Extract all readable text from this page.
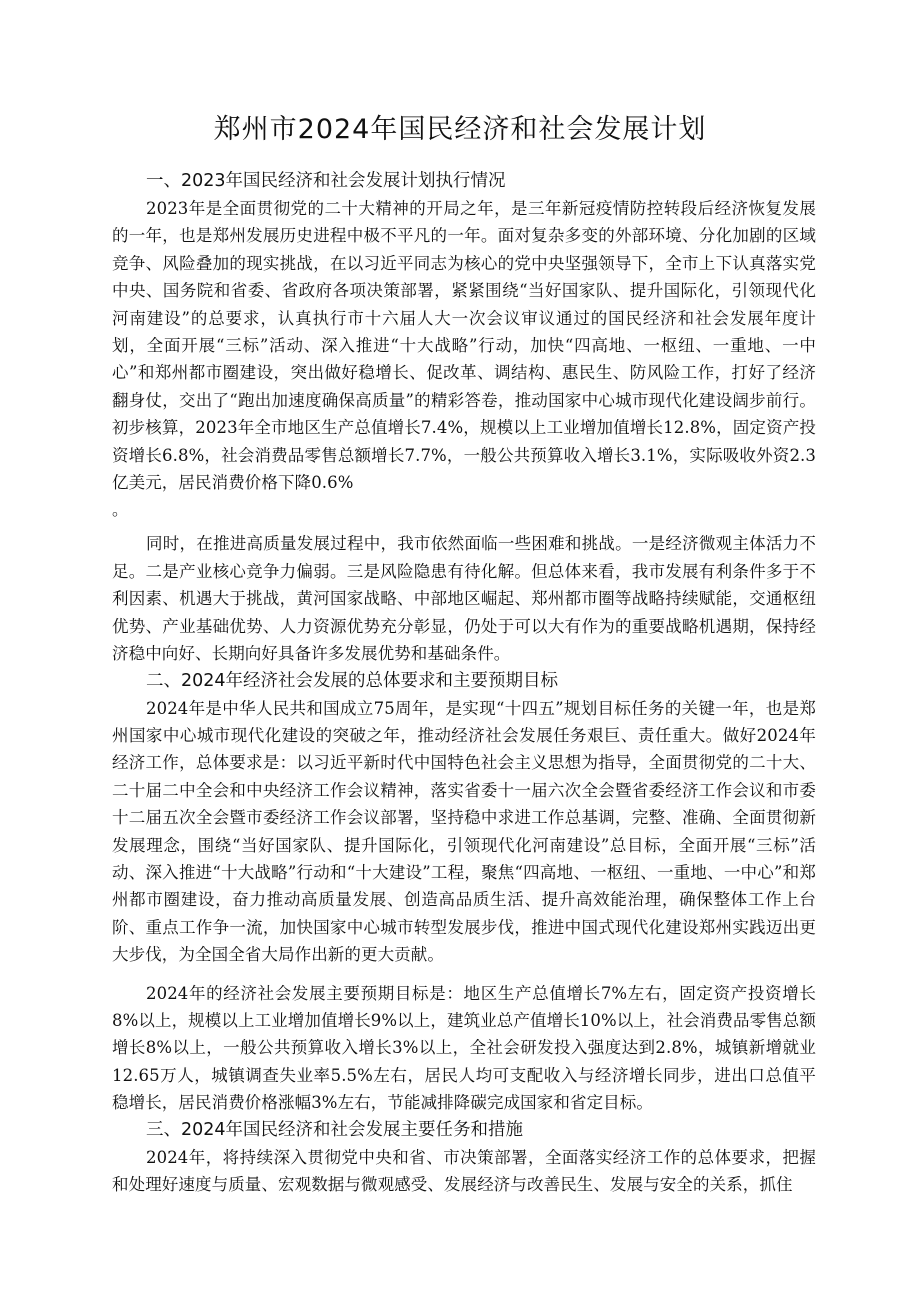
郑州市2024年国民经济和社会发展计划
一、2023年国民经济和社会发展计划执行情况

2023年是全面贯彻党的二十大精神的开局之年，是三年新冠疫情防控转段后经济恢复发展的一年，也是郑州发展历史进程中极不平凡的一年。面对复杂多变的外部环境、分化加剧的区域竞争、风险叠加的现实挑战，在以习近平同志为核心的党中央坚强领导下，全市上下认真落实党中央、国务院和省委、省政府各项决策部署，紧紧围绕“当好国家队、提升国际化，引领现代化河南建设”的总要求，认真执行市十六届人大一次会议审议通过的国民经济和社会发展年度计划，全面开展“三标”活动、深入推进“十大战略”行动，加快“四高地、一枢纽、一重地、一中心”和郑州都市圈建设，突出做好稳增长、促改革、调结构、惠民生、防风险工作，打好了经济翻身仗，交出了“跑出加速度确保高质量”的精彩答卷，推动国家中心城市现代化建设阔步前行。初步核算，2023年全市地区生产总值增长7.4%，规模以上工业增加值增长12.8%，固定资产投资增长6.8%，社会消费品零售总额增长7.7%，一般公共预算收入增长3.1%，实际吸收外资2.3亿美元，居民消费价格下降0.6%

。

同时，在推进高质量发展过程中，我市依然面临一些困难和挑战。一是经济微观主体活力不足。二是产业核心竞争力偏弱。三是风险隐患有待化解。但总体来看，我市发展有利条件多于不利因素、机遇大于挑战，黄河国家战略、中部地区崛起、郑州都市圈等战略持续赋能，交通枢纽优势、产业基础优势、人力资源优势充分彰显，仍处于可以大有作为的重要战略机遇期，保持经济稳中向好、长期向好具备许多发展优势和基础条件。

二、2024年经济社会发展的总体要求和主要预期目标

2024年是中华人民共和国成立75周年，是实现“十四五”规划目标任务的关键一年，也是郑州国家中心城市现代化建设的突破之年，推动经济社会发展任务艰巨、责任重大。做好2024年经济工作，总体要求是：以习近平新时代中国特色社会主义思想为指导，全面贯彻党的二十大、二十届二中全会和中央经济工作会议精神，落实省委十一届六次全会暨省委经济工作会议和市委十二届五次全会暨市委经济工作会议部署，坚持稳中求进工作总基调，完整、准确、全面贯彻新发展理念，围绕“当好国家队、提升国际化，引领现代化河南建设”总目标，全面开展“三标”活动、深入推进“十大战略”行动和“十大建设”工程，聚焦“四高地、一枢纽、一重地、一中心”和郑州都市圈建设，奋力推动高质量发展、创造高品质生活、提升高效能治理，确保整体工作上台阶、重点工作争一流，加快国家中心城市转型发展步伐，推进中国式现代化建设郑州实践迈出更大步伐，为全国全省大局作出新的更大贡献。

2024年的经济社会发展主要预期目标是：地区生产总值增长7%左右，固定资产投资增长8%以上，规模以上工业增加值增长9%以上，建筑业总产值增长10%以上，社会消费品零售总额增长8%以上，一般公共预算收入增长3%以上，全社会研发投入强度达到2.8%，城镇新增就业12.65万人，城镇调查失业率5.5%左右，居民人均可支配收入与经济增长同步，进出口总值平稳增长，居民消费价格涨幅3%左右，节能减排降碳完成国家和省定目标。

三、2024年国民经济和社会发展主要任务和措施

2024年，将持续深入贯彻党中央和省、市决策部署，全面落实经济工作的总体要求，把握和处理好速度与质量、宏观数据与微观感受、发展经济与改善民生、发展与安全的关系，抓住
